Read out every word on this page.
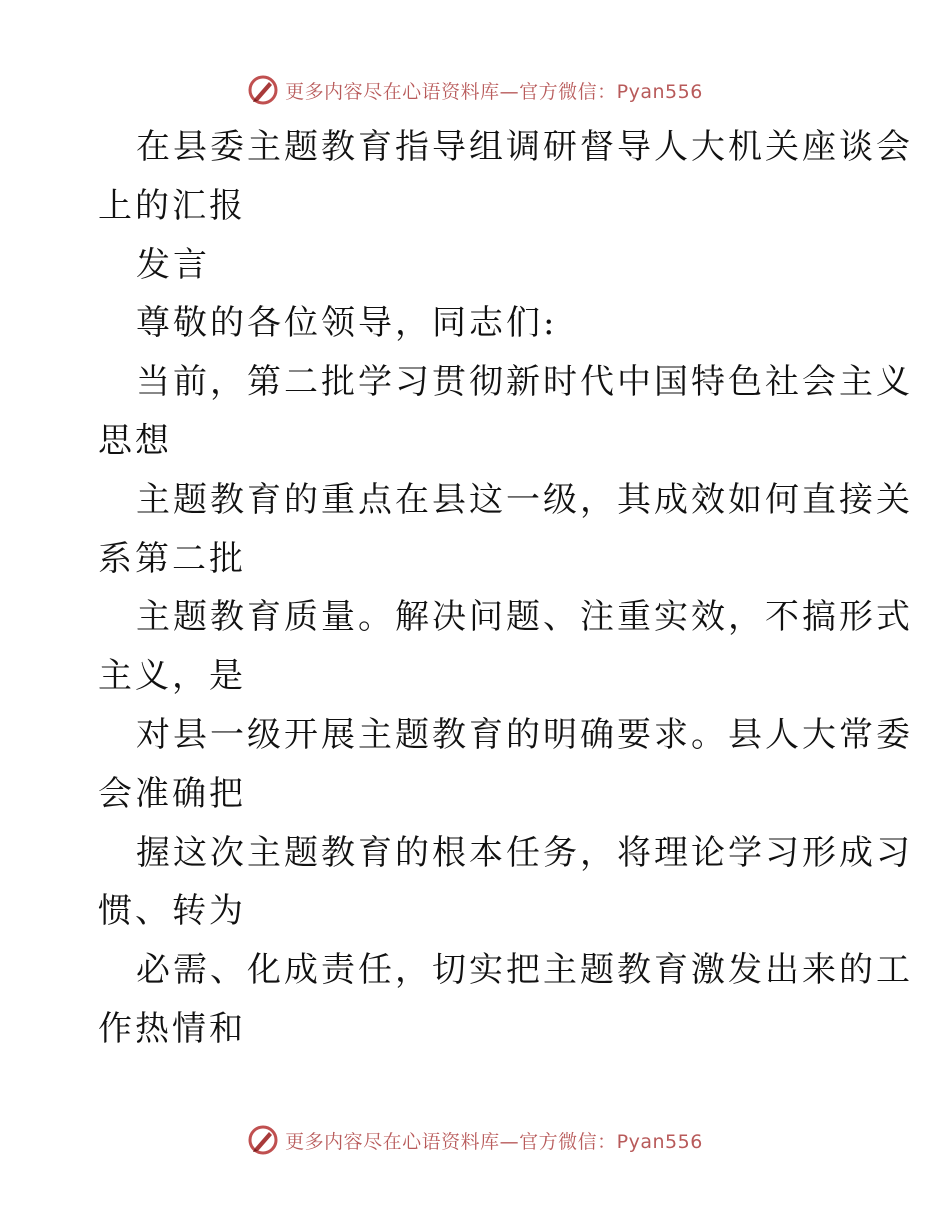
更多内容尽在心语资料库—官方微信：Pyan556
在县委主题教育指导组调研督导人大机关座谈会
上的汇报
发言
尊敬的各位领导，同志们:
当前，第二批学习贯彻新时代中国特色社会主义
思想
主题教育的重点在县这一级，其成效如何直接关
系第二批
主题教育质量。解决问题、注重实效，不搞形式
主义，是
对县一级开展主题教育的明确要求。县人大常委
会准确把
握这次主题教育的根本任务，将理论学习形成习
惯、转为
必需、化成责任，切实把主题教育激发出来的工
作热情和
更多内容尽在心语资料库—官方微信：Pyan556
